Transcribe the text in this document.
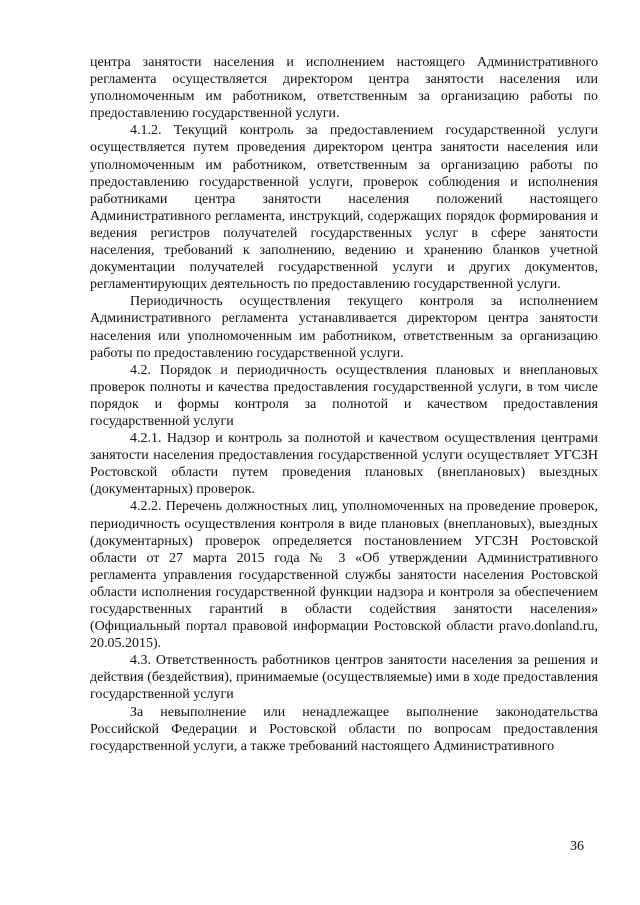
центра занятости населения и исполнением настоящего Административного регламента осуществляется директором центра занятости населения или уполномоченным им работником, ответственным за организацию работы по предоставлению государственной услуги.

4.1.2. Текущий контроль за предоставлением государственной услуги осуществляется путем проведения директором центра занятости населения или уполномоченным им работником, ответственным за организацию работы по предоставлению государственной услуги, проверок соблюдения и исполнения работниками центра занятости населения положений настоящего Административного регламента, инструкций, содержащих порядок формирования и ведения регистров получателей государственных услуг в сфере занятости населения, требований к заполнению, ведению и хранению бланков учетной документации получателей государственной услуги и других документов, регламентирующих деятельность по предоставлению государственной услуги.

Периодичность осуществления текущего контроля за исполнением Административного регламента устанавливается директором центра занятости населения или уполномоченным им работником, ответственным за организацию работы по предоставлению государственной услуги.

4.2. Порядок и периодичность осуществления плановых и внеплановых проверок полноты и качества предоставления государственной услуги, в том числе порядок и формы контроля за полнотой и качеством предоставления государственной услуги

4.2.1. Надзор и контроль за полнотой и качеством осуществления центрами занятости населения предоставления государственной услуги осуществляет УГСЗН Ростовской области путем проведения плановых (внеплановых) выездных (документарных) проверок.

4.2.2. Перечень должностных лиц, уполномоченных на проведение проверок, периодичность осуществления контроля в виде плановых (внеплановых), выездных (документарных) проверок определяется постановлением УГСЗН Ростовской области от 27 марта 2015 года № 3 «Об утверждении Административного регламента управления государственной службы занятости населения Ростовской области исполнения государственной функции надзора и контроля за обеспечением государственных гарантий в области содействия занятости населения» (Официальный портал правовой информации Ростовской области pravo.donland.ru, 20.05.2015).

4.3. Ответственность работников центров занятости населения за решения и действия (бездействия), принимаемые (осуществляемые) ими в ходе предоставления государственной услуги

За невыполнение или ненадлежащее выполнение законодательства Российской Федерации и Ростовской области по вопросам предоставления государственной услуги, а также требований настоящего Административного

36
